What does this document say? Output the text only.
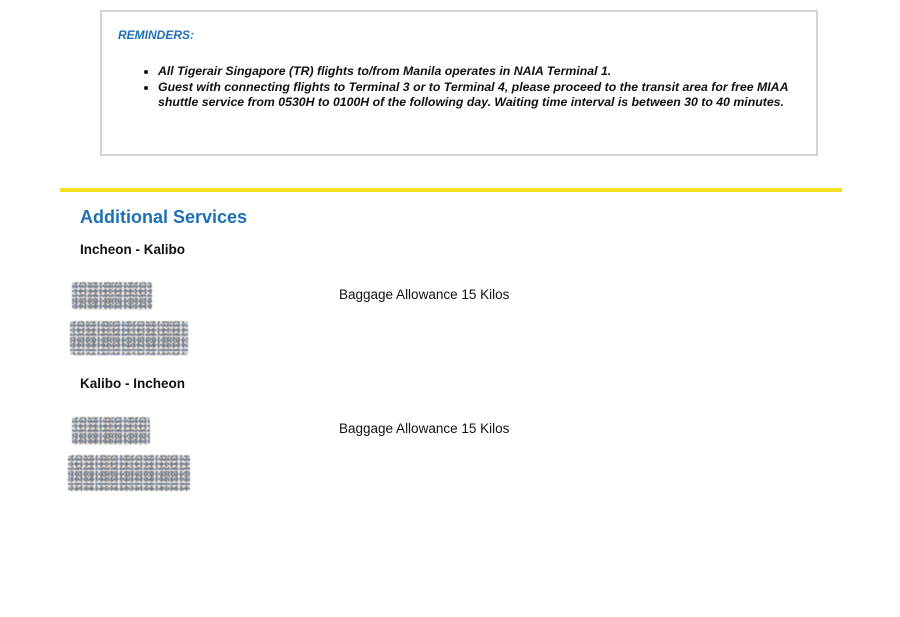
REMINDERS:

• All Tigerair Singapore (TR) flights to/from Manila operates in NAIA Terminal 1.
• Guest with connecting flights to Terminal 3 or to Terminal 4, please proceed to the transit area for free MIAA shuttle service from 0530H to 0100H of the following day. Waiting time interval is between 30 to 40 minutes.
Additional Services
Incheon - Kalibo
Baggage Allowance 15 Kilos
Kalibo - Incheon
Baggage Allowance 15 Kilos
